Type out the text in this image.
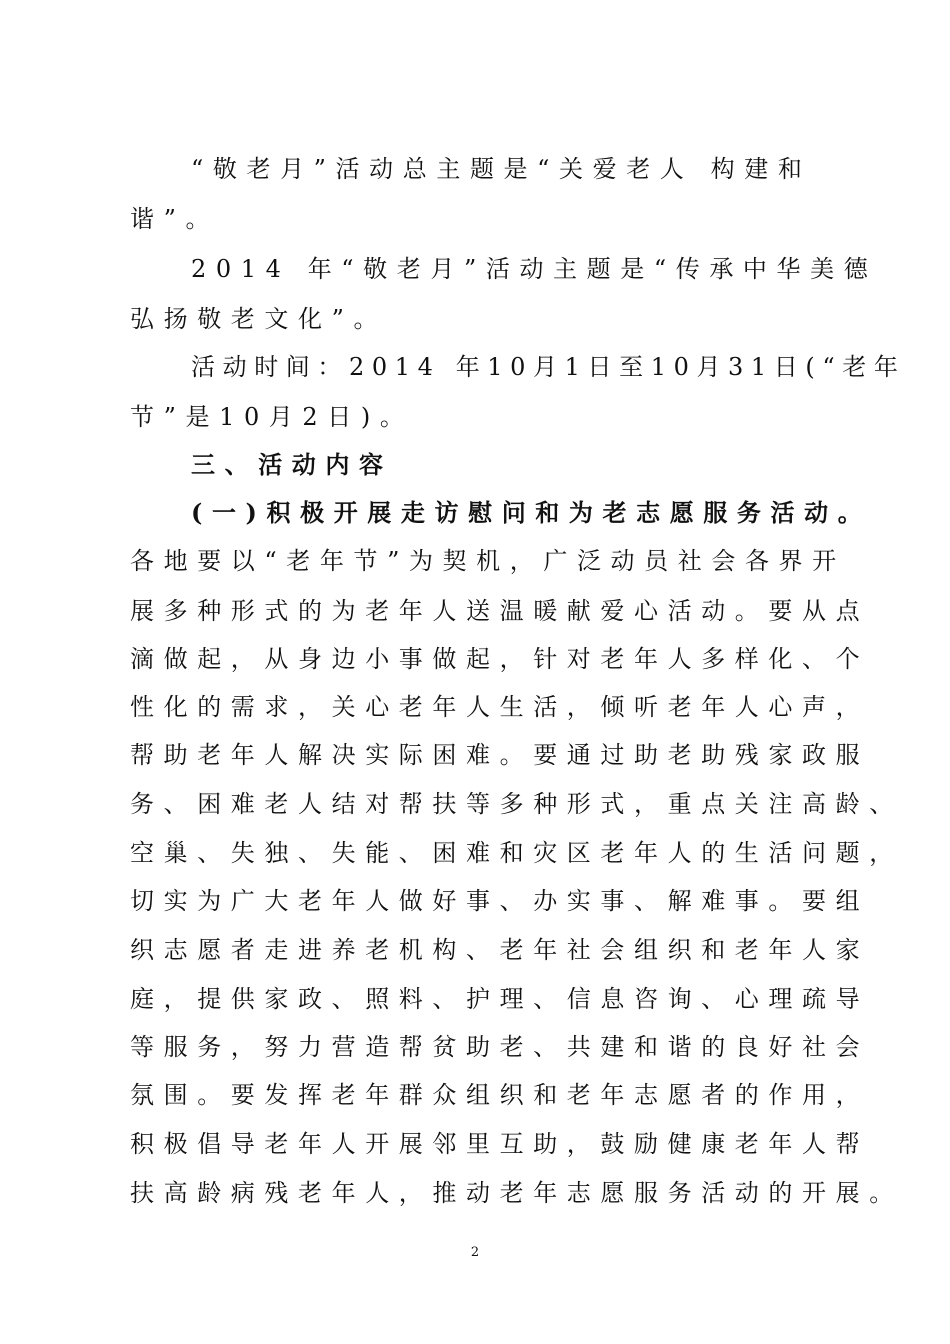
“敬老月”活动总主题是“关爱老人 构建和
谐”。
2014 年“敬老月”活动主题是“传承中华美德
弘扬敬老文化”。
活动时间：2014 年10月1日至10月31日(“老年
节”是10月2日)。
三、活动内容
(一)积极开展走访慰问和为老志愿服务活动。
各地要以“老年节”为契机，广泛动员社会各界开
展多种形式的为老年人送温暖献爱心活动。要从点
滴做起，从身边小事做起，针对老年人多样化、个
性化的需求，关心老年人生活，倾听老年人心声，
帮助老年人解决实际困难。要通过助老助残家政服
务、困难老人结对帮扶等多种形式，重点关注高龄、
空巢、失独、失能、困难和灾区老年人的生活问题，
切实为广大老年人做好事、办实事、解难事。要组
织志愿者走进养老机构、老年社会组织和老年人家
庭，提供家政、照料、护理、信息咨询、心理疏导
等服务，努力营造帮贫助老、共建和谐的良好社会
氛围。要发挥老年群众组织和老年志愿者的作用，
积极倡导老年人开展邻里互助，鼓励健康老年人帮
扶高龄病残老年人，推动老年志愿服务活动的开展。
2
